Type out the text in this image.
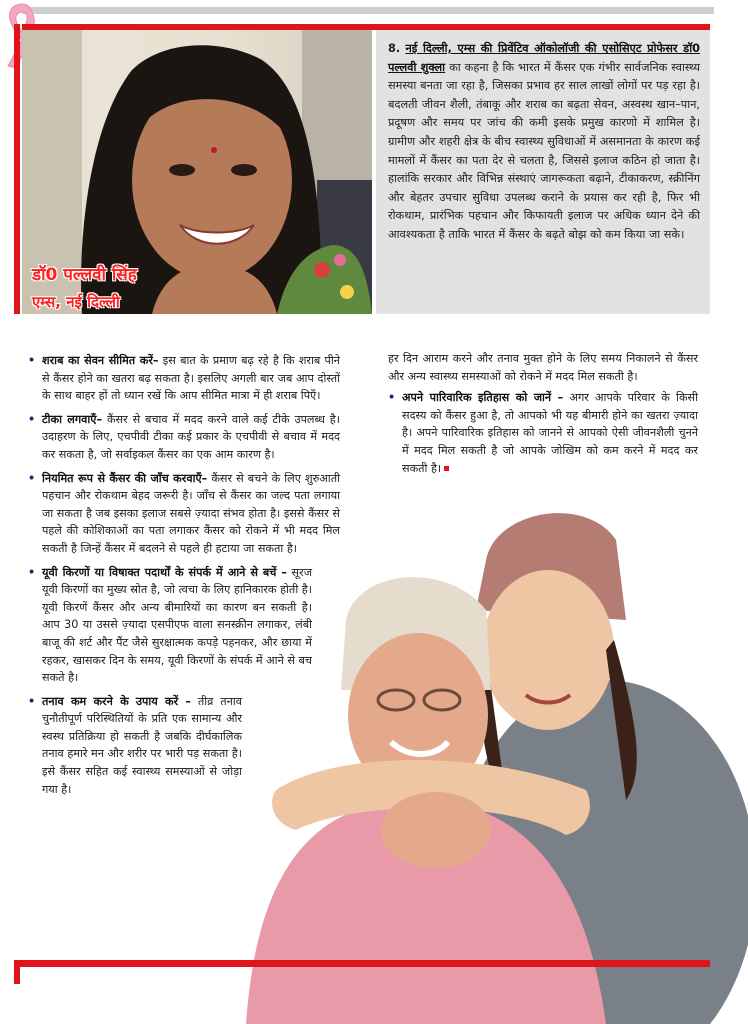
डॉ0 पल्लवी सिंह
एम्स, नई दिल्ली
8. नई दिल्ली, एम्स की प्रिवेंटिव ऑकोलॉजी की एसोसिएट प्रोफेसर डॉ0 पल्लवी शुक्ला का कहना है कि भारत में कैंसर एक गंभीर सार्वजनिक स्वास्थ्य समस्या बनता जा रहा है, जिसका प्रभाव हर साल लाखों लोगों पर पड़ रहा है। बदलती जीवन शैली, तंबाकू और शराब का बढ़ता सेवन, अस्वस्थ खान–पान, प्रदूषण और समय पर जांच की कमी इसके प्रमुख कारणो में शामिल है। ग्रामीण और शहरी क्षेत्र के बीच स्वास्थ्य सुविधाओं में असमानता के कारण कई मामलों में कैंसर का पता देर से चलता है, जिससे इलाज कठिन हो जाता है। हालांकि सरकार और विभिन्न संस्थाएं जागरूकता बढ़ाने, टीकाकरण, स्क्रीनिंग और बेहतर उपचार सुविधा उपलब्ध कराने के प्रयास कर रही है, फिर भी रोकथाम, प्रारंभिक पहचान और किफायती इलाज पर अधिक ध्यान देने की आवश्यकता है ताकि भारत में कैंसर के बढ़ते बोझ को कम किया जा सके।
• शराब का सेवन सीमित करें– इस बात के प्रमाण बढ़ रहे है कि शराब पीने से कैंसर होने का खतरा बढ़ सकता है। इसलिए अगली बार जब आप दोस्तों के साथ बाहर हों तो ध्यान रखें कि आप सीमित मात्रा में ही शराब पिएँ।
• टीका लगवाएँ– कैंसर से बचाव में मदद करने वाले कई टीके उपलब्ध है। उदाहरण के लिए, एचपीवी टीका कई प्रकार के एचपीवी से बचाव में मदद कर सकता है, जो सर्वाइकल कैंसर का एक आम कारण है।
• नियमित रूप से कैंसर की जाँच करवाएँ– कैंसर से बचने के लिए शुरुआती पहचान और रोकथाम बेहद जरूरी है। जाँच से कैंसर का जल्द पता लगाया जा सकता है जब इसका इलाज सबसे ज़्यादा संभव होता है। इससे कैंसर से पहले की कोशिकाओं का पता लगाकर कैंसर को रोकने में भी मदद मिल सकती है जिन्हें कैंसर में बदलने से पहले ही हटाया जा सकता है।
• यूवी किरणों या विषाक्त पदार्थों के संपर्क में आने से बचें – सूरज यूवी किरणों का मुख्य स्रोत है, जो त्वचा के लिए हानिकारक होती है। यूवी किरणें कैंसर और अन्य बीमारियों का कारण बन सकती है। आप 30 या उससे ज़्यादा एसपीएफ वाला सनस्क्रीन लगाकर, लंबी बाजू की शर्ट और पैंट जैसे सुरक्षात्मक कपड़े पहनकर, और छाया में रहकर, खासकर दिन के समय, यूवी किरणों के संपर्क में आने से बच सकते है।
• तनाव कम करने के उपाय करें – तीव्र तनाव चुनौतीपूर्ण परिस्थितियों के प्रति एक सामान्य और स्वस्थ प्रतिक्रिया हो सकती है जबकि दीर्घकालिक तनाव हमारे मन और शरीर पर भारी पड़ सकता है। इसे कैंसर सहित कई स्वास्थ्य समस्याओं से जोड़ा गया है।
हर दिन आराम करने और तनाव मुक्त होने के लिए समय निकालने से कैंसर और अन्य स्वास्थ्य समस्याओं को रोकने में मदद मिल सकती है।
• अपने पारिवारिक इतिहास को जानें – अगर आपके परिवार के किसी सदस्य को कैंसर हुआ है, तो आपको भी यह बीमारी होने का खतरा ज़्यादा है। अपने पारिवारिक इतिहास को जानने से आपको ऐसी जीवनशैली चुनने में मदद मिल सकती है जो आपके जोखिम को कम करने में मदद कर सकती है।
